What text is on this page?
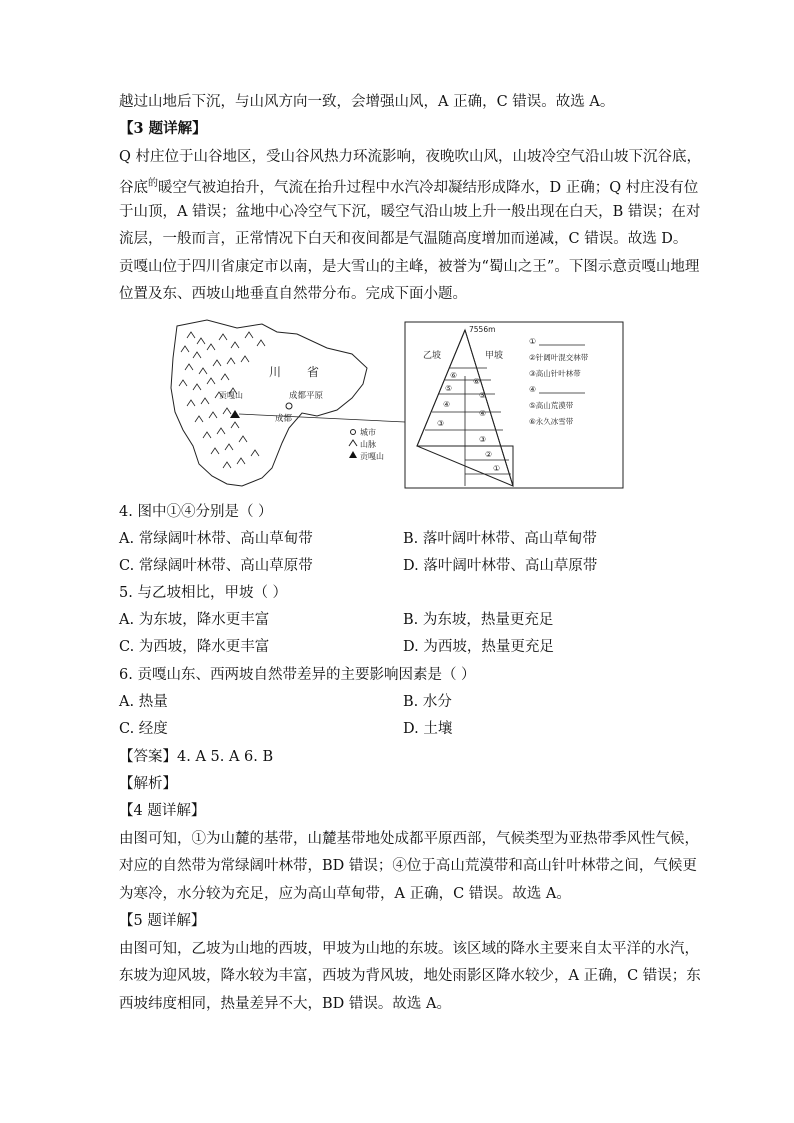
越过山地后下沉，与山风方向一致，会增强山风，A 正确，C 错误。故选 A。
【3 题详解】
Q 村庄位于山谷地区，受山谷风热力环流影响，夜晚吹山风，山坡冷空气沿山坡下沉谷底，
谷底$^的$暖空气被迫抬升，气流在抬升过程中水汽冷却凝结形成降水，D 正确；Q 村庄没有位
于山顶，A 错误；盆地中心冷空气下沉，暖空气沿山坡上升一般出现在白天，B 错误；在对
流层，一般而言，正常情况下白天和夜间都是气温随高度增加而递减，C 错误。故选 D。
贡嘎山位于四川省康定市以南，是大雪山的主峰，被誉为“蜀山之王”。下图示意贡嘎山地理
位置及东、西坡山地垂直自然带分布。完成下面小题。
4. 图中①④分别是（ ）
A. 常绿阔叶林带、高山草甸带	B. 落叶阔叶林带、高山草甸带
C. 常绿阔叶林带、高山草原带	D. 落叶阔叶林带、高山草原带
5. 与乙坡相比，甲坡（ ）
A. 为东坡，降水更丰富	B. 为东坡，热量更充足
C. 为西坡，降水更丰富	D. 为西坡，热量更充足
6. 贡嘎山东、西两坡自然带差异的主要影响因素是（ ）
A. 热量	B. 水分
C. 经度	D. 土壤
【答案】4. A 5. A 6. B
【解析】
【4 题详解】
由图可知，①为山麓的基带，山麓基带地处成都平原西部，气候类型为亚热带季风性气候，
对应的自然带为常绿阔叶林带，BD 错误；④位于高山荒漠带和高山针叶林带之间，气候更
为寒冷，水分较为充足，应为高山草甸带，A 正确，C 错误。故选 A。
【5 题详解】
由图可知，乙坡为山地的西坡，甲坡为山地的东坡。该区域的降水主要来自太平洋的水汽，
东坡为迎风坡，降水较为丰富，西坡为背风坡，地处雨影区降水较少，A 正确，C 错误；东
西坡纬度相同，热量差异不大，BD 错误。故选 A。
川 省
成都平原
成都
贡嘎山
城市
山脉
贡嘎山
7556m
乙坡	甲坡
⑥
⑤
④
③
⑥
⑤
④
③
②
①
①
②针阔叶混交林带
③高山针叶林带
④
⑤高山荒漠带
⑥永久冰雪带
